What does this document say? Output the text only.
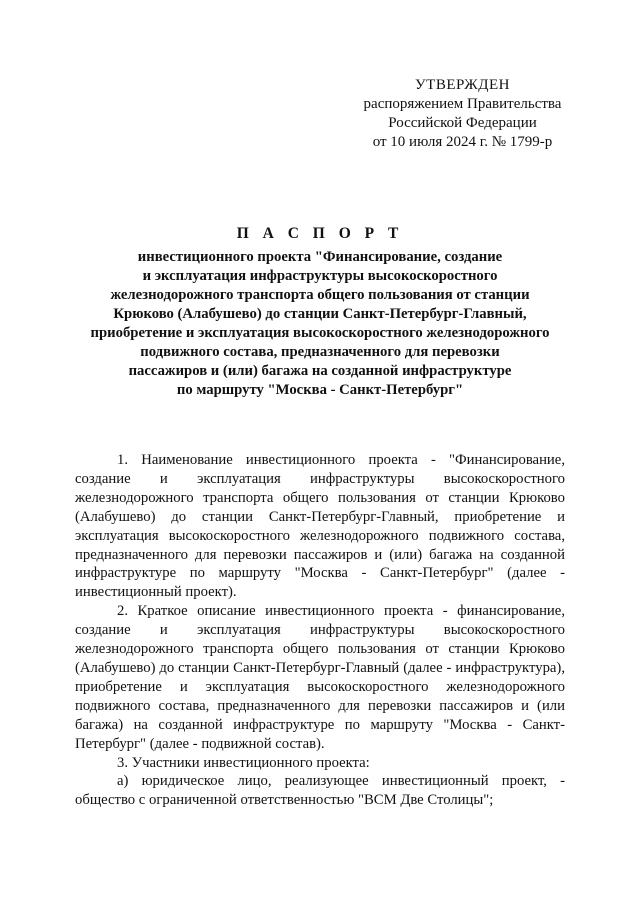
УТВЕРЖДЕН
распоряжением Правительства
Российской Федерации
от 10 июля 2024 г. № 1799-р
П А С П О Р Т
инвестиционного проекта "Финансирование, создание
и эксплуатация инфраструктуры высокоскоростного
железнодорожного транспорта общего пользования от станции
Крюково (Алабушево) до станции Санкт-Петербург-Главный,
приобретение и эксплуатация высокоскоростного железнодорожного
подвижного состава, предназначенного для перевозки
пассажиров и (или) багажа на созданной инфраструктуре
по маршруту "Москва - Санкт-Петербург"

1. Наименование инвестиционного проекта - "Финансирование, создание и эксплуатация инфраструктуры высокоскоростного железнодорожного транспорта общего пользования от станции Крюково (Алабушево) до станции Санкт-Петербург-Главный, приобретение и эксплуатация высокоскоростного железнодорожного подвижного состава, предназначенного для перевозки пассажиров и (или) багажа на созданной инфраструктуре по маршруту "Москва - Санкт-Петербург" (далее - инвестиционный проект).

2. Краткое описание инвестиционного проекта - финансирование, создание и эксплуатация инфраструктуры высокоскоростного железнодорожного транспорта общего пользования от станции Крюково (Алабушево) до станции Санкт-Петербург-Главный (далее - инфраструктура), приобретение и эксплуатация высокоскоростного железнодорожного подвижного состава, предназначенного для перевозки пассажиров и (или багажа) на созданной инфраструктуре по маршруту "Москва - Санкт-Петербург" (далее - подвижной состав).

3. Участники инвестиционного проекта:

а) юридическое лицо, реализующее инвестиционный проект, - общество с ограниченной ответственностью "ВСМ Две Столицы";
